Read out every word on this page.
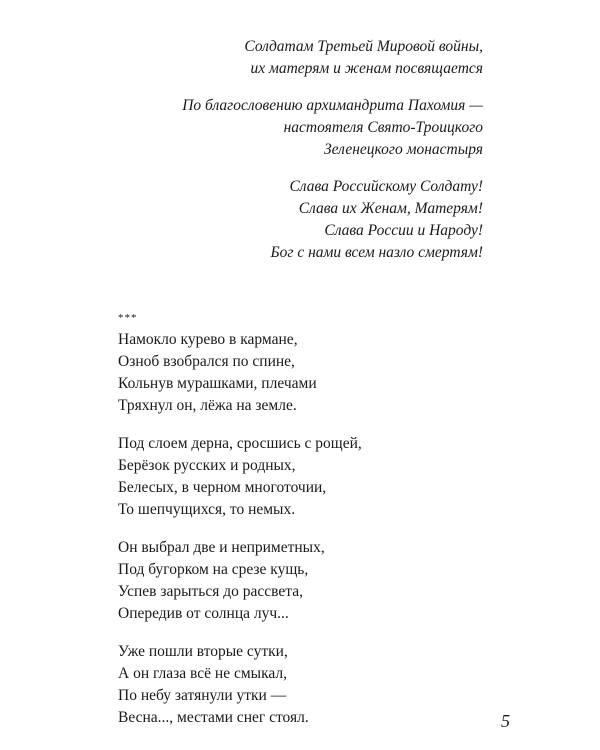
Солдатам Третьей Мировой войны,
их матерям и женам посвящается
По благословению архимандрита Пахомия —
настоятеля Свято-Троицкого
Зеленецкого монастыря
Слава Российскому Солдату!
Слава их Женам, Матерям!
Слава России и Народу!
Бог с нами всем назло смертям!
***
Намокло курево в кармане,
Озноб взобрался по спине,
Кольнув мурашками, плечами
Тряхнул он, лёжа на земле.
Под слоем дерна, сросшись с рощей,
Берёзок русских и родных,
Белесых, в черном многоточии,
То шепчущихся, то немых.
Он выбрал две и неприметных,
Под бугорком на срезе кущь,
Успев зарыться до рассвета,
Опередив от солнца луч...
Уже пошли вторые сутки,
А он глаза всё не смыкал,
По небу затянули утки —
Весна..., местами снег стоял.	5
